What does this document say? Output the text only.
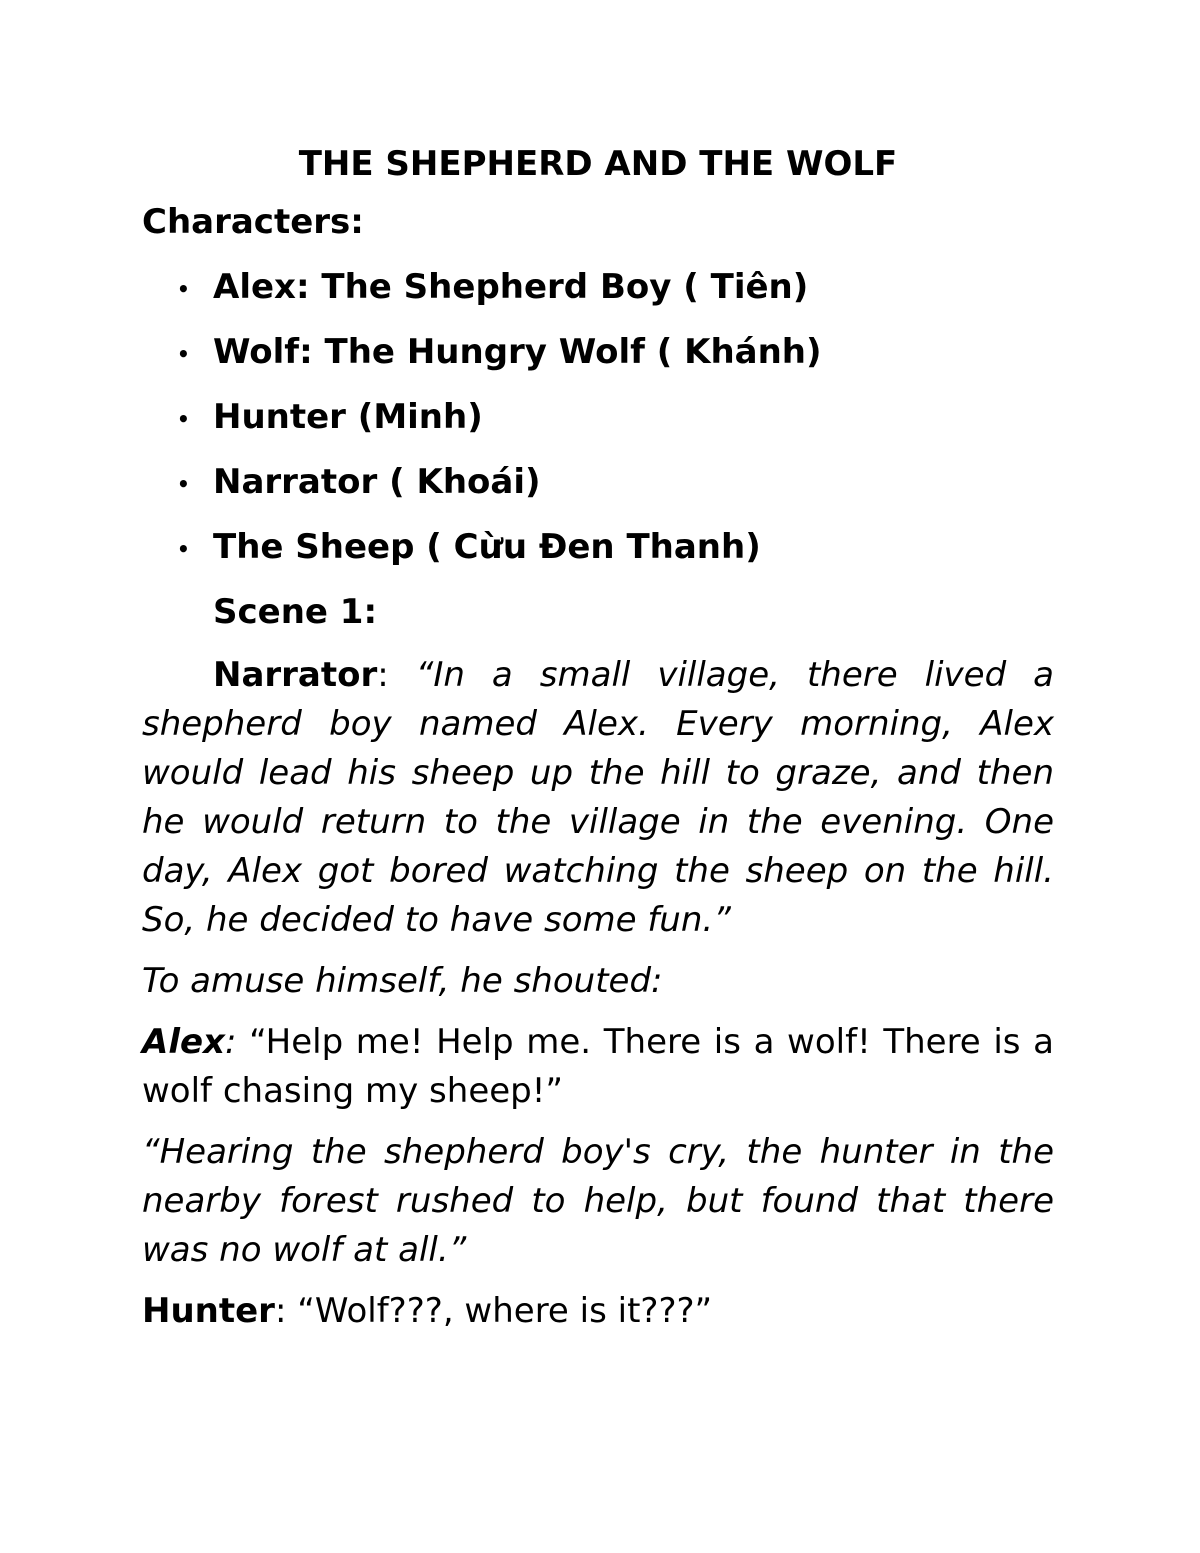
THE SHEPHERD AND THE WOLF
Characters:
• Alex: The Shepherd Boy ( Tiên)
• Wolf: The Hungry Wolf ( Khánh)
• Hunter (Minh)
• Narrator ( Khoái)
• The Sheep ( Cừu Đen Thanh)
Scene 1:

Narrator: “In a small village, there lived a shepherd boy named Alex. Every morning, Alex would lead his sheep up the hill to graze, and then he would return to the village in the evening. One day, Alex got bored watching the sheep on the hill. So, he decided to have some fun.”

To amuse himself, he shouted:

Alex: “Help me! Help me. There is a wolf! There is a wolf chasing my sheep!”

“Hearing the shepherd boy's cry, the hunter in the nearby forest rushed to help, but found that there was no wolf at all.”

Hunter: “Wolf???, where is it???”
